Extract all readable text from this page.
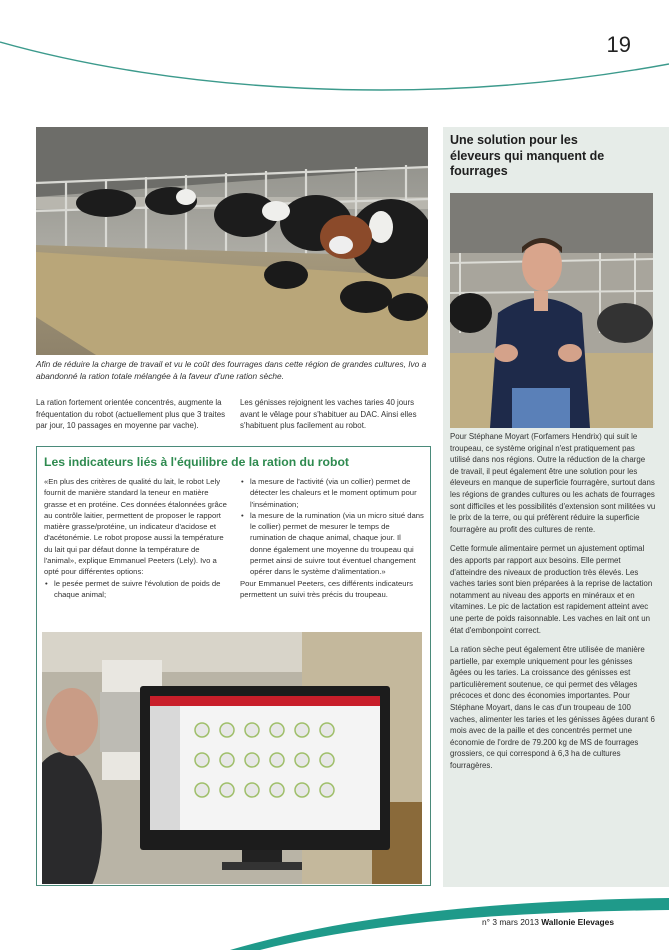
19
Afin de réduire la charge de travail et vu le coût des fourrages dans cette région de grandes cultures, Ivo a abandonné la ration totale mélangée à la faveur d'une ration sèche.

La ration fortement orientée concentrés, augmente la fréquentation du robot (actuellement plus que 3 traites par jour, 10 passages en moyenne par vache).

Les génisses rejoignent les vaches taries 40 jours avant le vêlage pour s'habituer au DAC. Ainsi elles s'habituent plus facilement au robot.

Les indicateurs liés à l'équilibre de la ration du robot

«En plus des critères de qualité du lait, le robot Lely fournit de manière standard la teneur en matière grasse et en protéine. Ces données étalonnées grâce au contrôle laitier, permettent de proposer le rapport matière grasse/protéine, un indicateur d'acidose et d'acétonémie. Le robot propose aussi la température du lait qui par défaut donne la température de l'animal», explique Emmanuel Peeters (Lely). Ivo a opté pour différentes options:

• le pesée permet de suivre l'évolution de poids de chaque animal;
• la mesure de l'activité (via un collier) permet de détecter les chaleurs et le moment optimum pour l'insémination;
• la mesure de la rumination (via un micro situé dans le collier) permet de mesurer le temps de rumination de chaque animal, chaque jour. Il donne également une moyenne du troupeau qui permet ainsi de suivre tout éventuel changement opérer dans le système d'alimentation.»

Pour Emmanuel Peeters, ces différents indicateurs permettent un suivi très précis du troupeau.

Une solution pour les éleveurs qui manquent de fourrages

Pour Stéphane Moyart (Forfamers Hendrix) qui suit le troupeau, ce système original n'est pratiquement pas utilisé dans nos régions. Outre la réduction de la charge de travail, il peut également être une solution pour les éleveurs en manque de superficie fourragère, surtout dans les régions de grandes cultures ou les achats de fourrages sont difficiles et les possibilités d'extension sont militées vu le prix de la terre, ou qui préfèrent réduire la superficie fourragère au profit des cultures de rente.

Cette formule alimentaire permet un ajustement optimal des apports par rapport aux besoins. Elle permet d'atteindre des niveaux de production très élevés. Les vaches taries sont bien préparées à la reprise de lactation notamment au niveau des apports en minéraux et en vitamines. Le pic de lactation est rapidement atteint avec une perte de poids raisonnable. Les vaches en lait ont un état d'embonpoint correct.

La ration sèche peut également être utilisée de manière partielle, par exemple uniquement pour les génisses âgées ou les taries. La croissance des génisses est particulièrement soutenue, ce qui permet des vêlages précoces et donc des économies importantes. Pour Stéphane Moyart, dans le cas d'un troupeau de 100 vaches, alimenter les taries et les génisses âgées durant 6 mois avec de la paille et des concentrés permet une économie de l'ordre de 79.200 kg de MS de fourrages grossiers, ce qui correspond à 6,3 ha de cultures fourragères.

n° 3 mars 2013 Wallonie Elevages
